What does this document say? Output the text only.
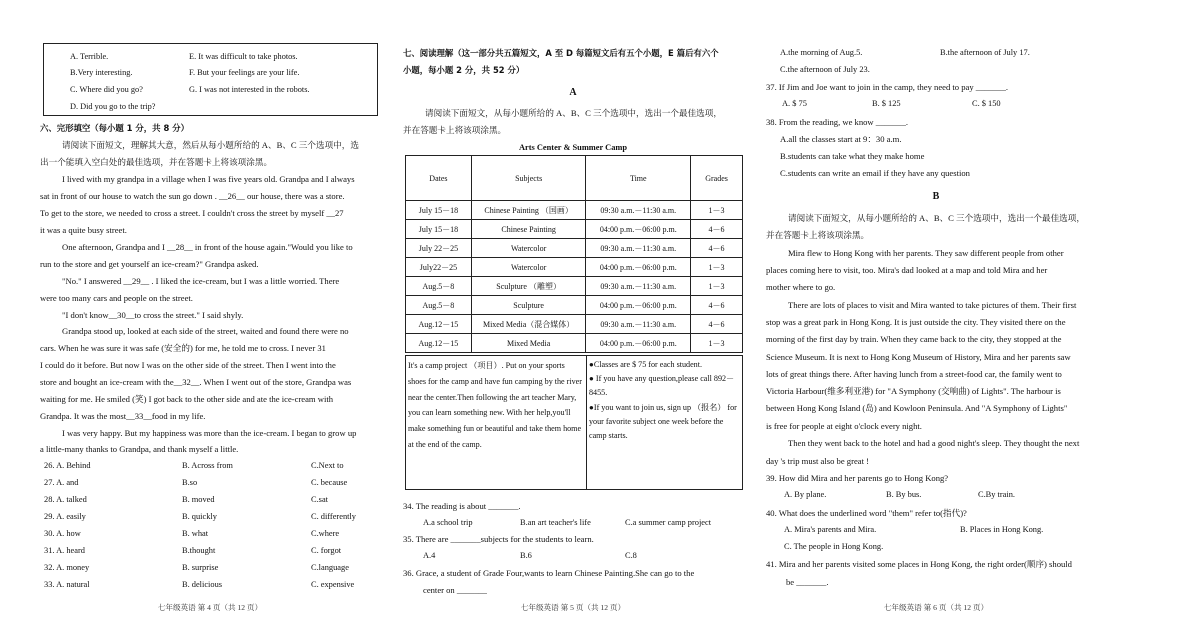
A. Terrible.	E. It was difficult to take photos.
B.Very interesting.	F. But your feelings are your life.
C. Where did you go?	G. I was not interested in the robots.
D. Did you go to the trip?
六、完形填空（每小题 1 分，共 8 分）
请阅读下面短文，理解其大意，然后从每小题所给的 A、B、C 三个选项中，选
出一个能填入空白处的最佳选项，并在答题卡上将该项涂黑。
I lived with my grandpa in a village when I was five years old. Grandpa and I always
sat in front of our house to watch the sun go down . __26__ our house, there was a store.
To get to the store, we needed to cross a street. I couldn't cross the street by myself __27
it was a quite busy street.
One afternoon, Grandpa and I __28__ in front of the house again."Would you like to
run to the store and get yourself an ice-cream?" Grandpa asked.
"No." I answered __29__ . I liked the ice-cream, but I was a little worried. There
were too many cars and people on the street.
"I don't know__30__to cross the street." I said shyly.
Grandpa stood up, looked at each side of the street, waited and found there were no
cars. When he was sure it was safe (安全的) for me, he told me to cross. I never 31
I could do it before. But now I was on the other side of the street. Then I went into the
store and bought an ice-cream with the__32__. When I went out of the store, Grandpa was
waiting for me. He smiled (笑) I got back to the other side and ate the ice-cream with
Grandpa. It was the most__33__food in my life.
I was very happy. But my happiness was more than the ice-cream. I began to grow up
a little-many thanks to Grandpa, and thank myself a little.
26. A. Behind	B. Across from	C.Next to
27. A. and	B.so	C. because
28. A. talked	B. moved	C.sat
29. A. easily	B. quickly	C. differently
30. A. how	B. what	C.where
31. A. heard	B.thought	C. forgot
32. A. money	B. surprise	C.language
33. A. natural	B. delicious	C. expensive
七年级英语 第 4 页（共 12 页）
七、阅读理解（这一部分共五篇短文，A 至 D 每篇短文后有五个小题，E 篇后有六个
小题，每小题 2 分，共 52 分）
A
请阅读下面短文，从每小题所给的 A、B、C 三个选项中，选出一个最佳选项，
并在答题卡上将该项涂黑。
Arts Center & Summer Camp
Dates	Subjects	Time	Grades
July 15－18	Chinese Painting （国画）	09:30 a.m.－11:30 a.m.	1－3
July 15－18	Chinese Painting	04:00 p.m.－06:00 p.m.	4－6
July 22－25	Watercolor	09:30 a.m.－11:30 a.m.	4－6
July22－25	Watercolor	04:00 p.m.－06:00 p.m.	1－3
Aug.5－8	Sculpture （雕塑）	09:30 a.m.－11:30 a.m.	1－3
Aug.5－8	Sculpture	04:00 p.m.－06:00 p.m.	4－6
Aug.12－15	Mixed Media（混合媒体）	09:30 a.m.－11:30 a.m.	4－6
Aug.12－15	Mixed Media	04:00 p.m.－06:00 p.m.	1－3
It's a camp project （项目）. Put on your sports shoes for the camp and have fun camping by the river near the center.Then following the art teacher Mary, you can learn something new. With her help,you'll make something fun or beautiful and take them home at the end of the camp.
●Classes are $ 75 for each student.
● If you have any question,please call 892－8455.
●If you want to join us, sign up （报名） for your favorite subject one week before the camp starts.
34. The reading is about _______.
A.a school trip	B.an art teacher's life	C.a summer camp project
35. There are _______subjects for the students to learn.
A.4	B.6	C.8
36. Grace, a student of Grade Four,wants to learn Chinese Painting.She can go to the
center on _______
七年级英语 第 5 页（共 12 页）
A.the morning of Aug.5.	B.the afternoon of July 17.
C.the afternoon of July 23.
37. If Jim and Joe want to join in the camp, they need to pay _______.
A. $ 75	B. $ 125	C. $ 150
38. From the reading, we know _______.
A.all the classes start at 9：30 a.m.
B.students can take what they make home
C.students can write an email if they have any question
B
请阅读下面短文，从每小题所给的 A、B、C 三个选项中，选出一个最佳选项，
并在答题卡上将该项涂黑。
Mira flew to Hong Kong with her parents. They saw different people from other
places coming here to visit, too. Mira's dad looked at a map and told Mira and her
mother where to go.
There are lots of places to visit and Mira wanted to take pictures of them. Their first
stop was a great park in Hong Kong. It is just outside the city. They visited there on the
morning of the first day by train. When they came back to the city, they stopped at the
Science Museum. It is next to Hong Kong Museum of History, Mira and her parents saw
lots of great things there. After having lunch from a street-food car, the family went to
Victoria Harbour(维多利亚港) for "A Symphony (交响曲) of Lights". The harbour is
between Hong Kong Island (岛) and Kowloon Peninsula. And "A Symphony of Lights"
is free for people at eight o'clock every night.
Then they went back to the hotel and had a good night's sleep. They thought the next
day 's trip must also be great !
39. How did Mira and her parents go to Hong Kong?
A. By plane.	B. By bus.	C.By train.
40. What does the underlined word "them" refer to(指代)?
A. Mira's parents and Mira.	B. Places in Hong Kong.
C. The people in Hong Kong.
41. Mira and her parents visited some places in Hong Kong, the right order(顺序) should
be _______.
七年级英语 第 6 页（共 12 页）
